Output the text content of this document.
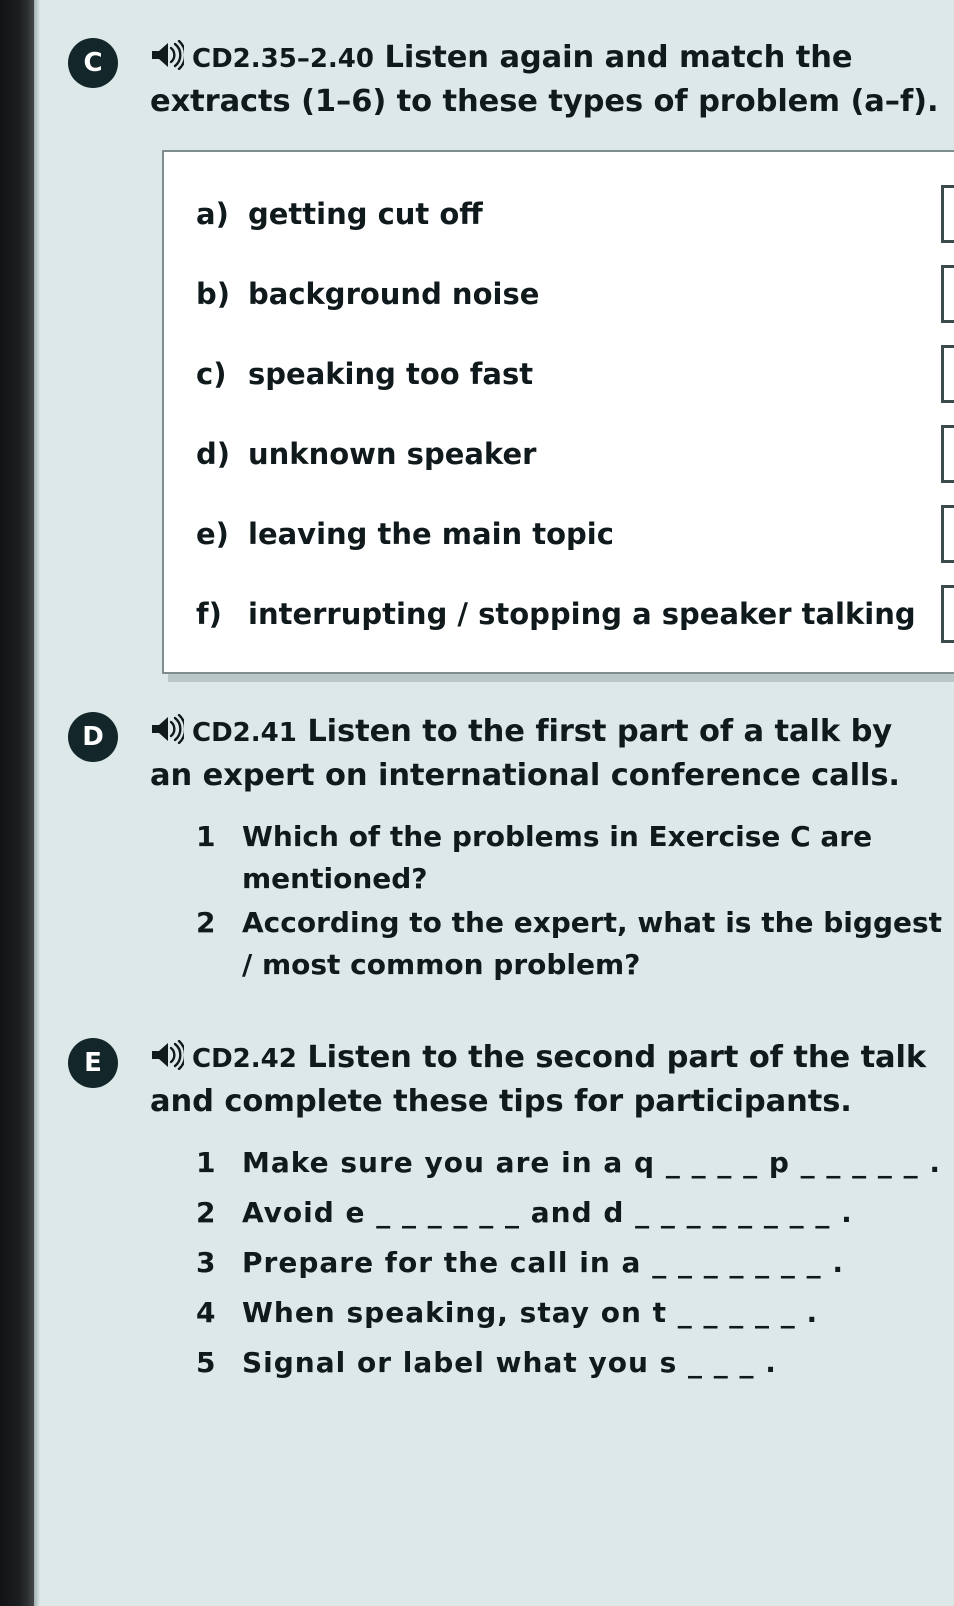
C	CD2.35–2.40 Listen again and match the extracts (1–6) to these types of problem (a–f).
a) getting cut off
b) background noise
c) speaking too fast
d) unknown speaker
e) leaving the main topic
f) interrupting / stopping a speaker talking
D	CD2.41 Listen to the first part of a talk by an expert on international conference calls.
1 Which of the problems in Exercise C are mentioned?
2 According to the expert, what is the biggest / most common problem?
E	CD2.42 Listen to the second part of the talk and complete these tips for participants.
1 Make sure you are in a q _ _ _ _ p _ _ _ _ _ .
2 Avoid e _ _ _ _ _ _ and d _ _ _ _ _ _ _ _ .
3 Prepare for the call in a _ _ _ _ _ _ _ .
4 When speaking, stay on t _ _ _ _ _ .
5 Signal or label what you s _ _ _ .
